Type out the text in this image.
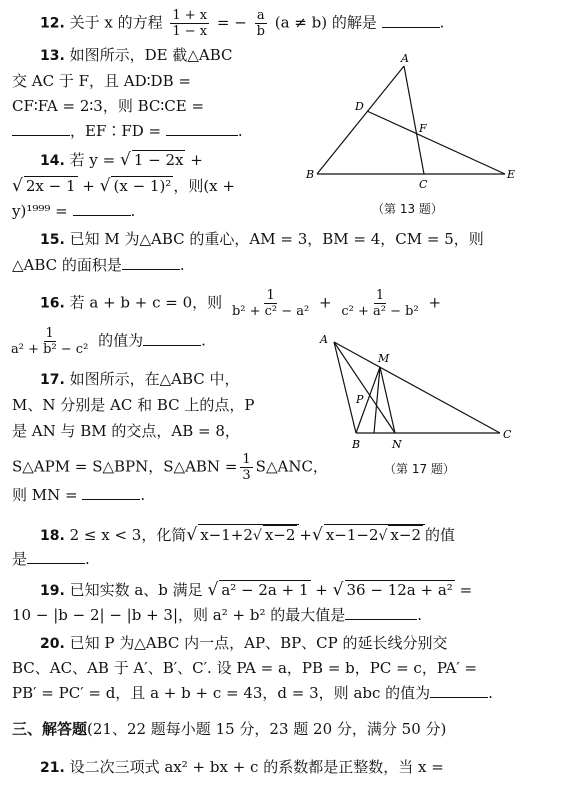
12. 关于 x 的方程 $\frac{1 + x}{1 - x}$ = − $\frac{a}{b} (a \ne b)$ 的解是	.
13. 如图所示，DE 截△ABC
交 AC 于 F，且 AD∶DB =
CF∶FA = 2∶3，则 BC∶CE =
，EF∶FD =	.
A
D
F
B
C
E
（第 13 题）
14. 若 y = √ 1 − 2x +
√ 2x − 1 + √ (x − 1)² ，则(x +
y)¹⁹⁹⁹ =	.
15. 已知 M 为△ABC 的重心，AM = 3，BM = 4，CM = 5，则
△ABC 的面积是	.
16. 若 a + b + c = 0，则 $\frac{1}{\text{b² + c² − a²}} + \frac{1}{\text{c² + a² − b²}}$ +
$\frac{1}{\text{a² + b² − c²}}$ 的值为	.
17. 如图所示，在△ABC 中，
M、N 分别是 AC 和 BC 上的点，P
是 AN 与 BM 的交点，AB = 8，
S△APM = S△BPN，S△ABN = $\frac{1}{3}$ S△ANC，
则 MN =	.
A
M
P
B	N
C
（第 17 题）
18. 2 ≤ x < 3，化简√ x−1+2√ x−2 +√ x−1−2√ x−2 的值
是	.
19. 已知实数 a、b 满足 √ a² − 2a + 1 + √ 36 − 12a + a² =
10 − |b − 2| − |b + 3|，则 a² + b² 的最大值是	.
20. 已知 P 为△ABC 内一点，AP、BP、CP 的延长线分别交
BC、AC、AB 于 A′、B′、C′. 设 PA = a，PB = b，PC = c，PA′ =
PB′ = PC′ = d，且 a + b + c = 43，d = 3，则 abc 的值为	.
三、解答题(21、22 题每小题 15 分，23 题 20 分，满分 50 分)
21. 设二次三项式 ax² + bx + c 的系数都是正整数，当 x =
